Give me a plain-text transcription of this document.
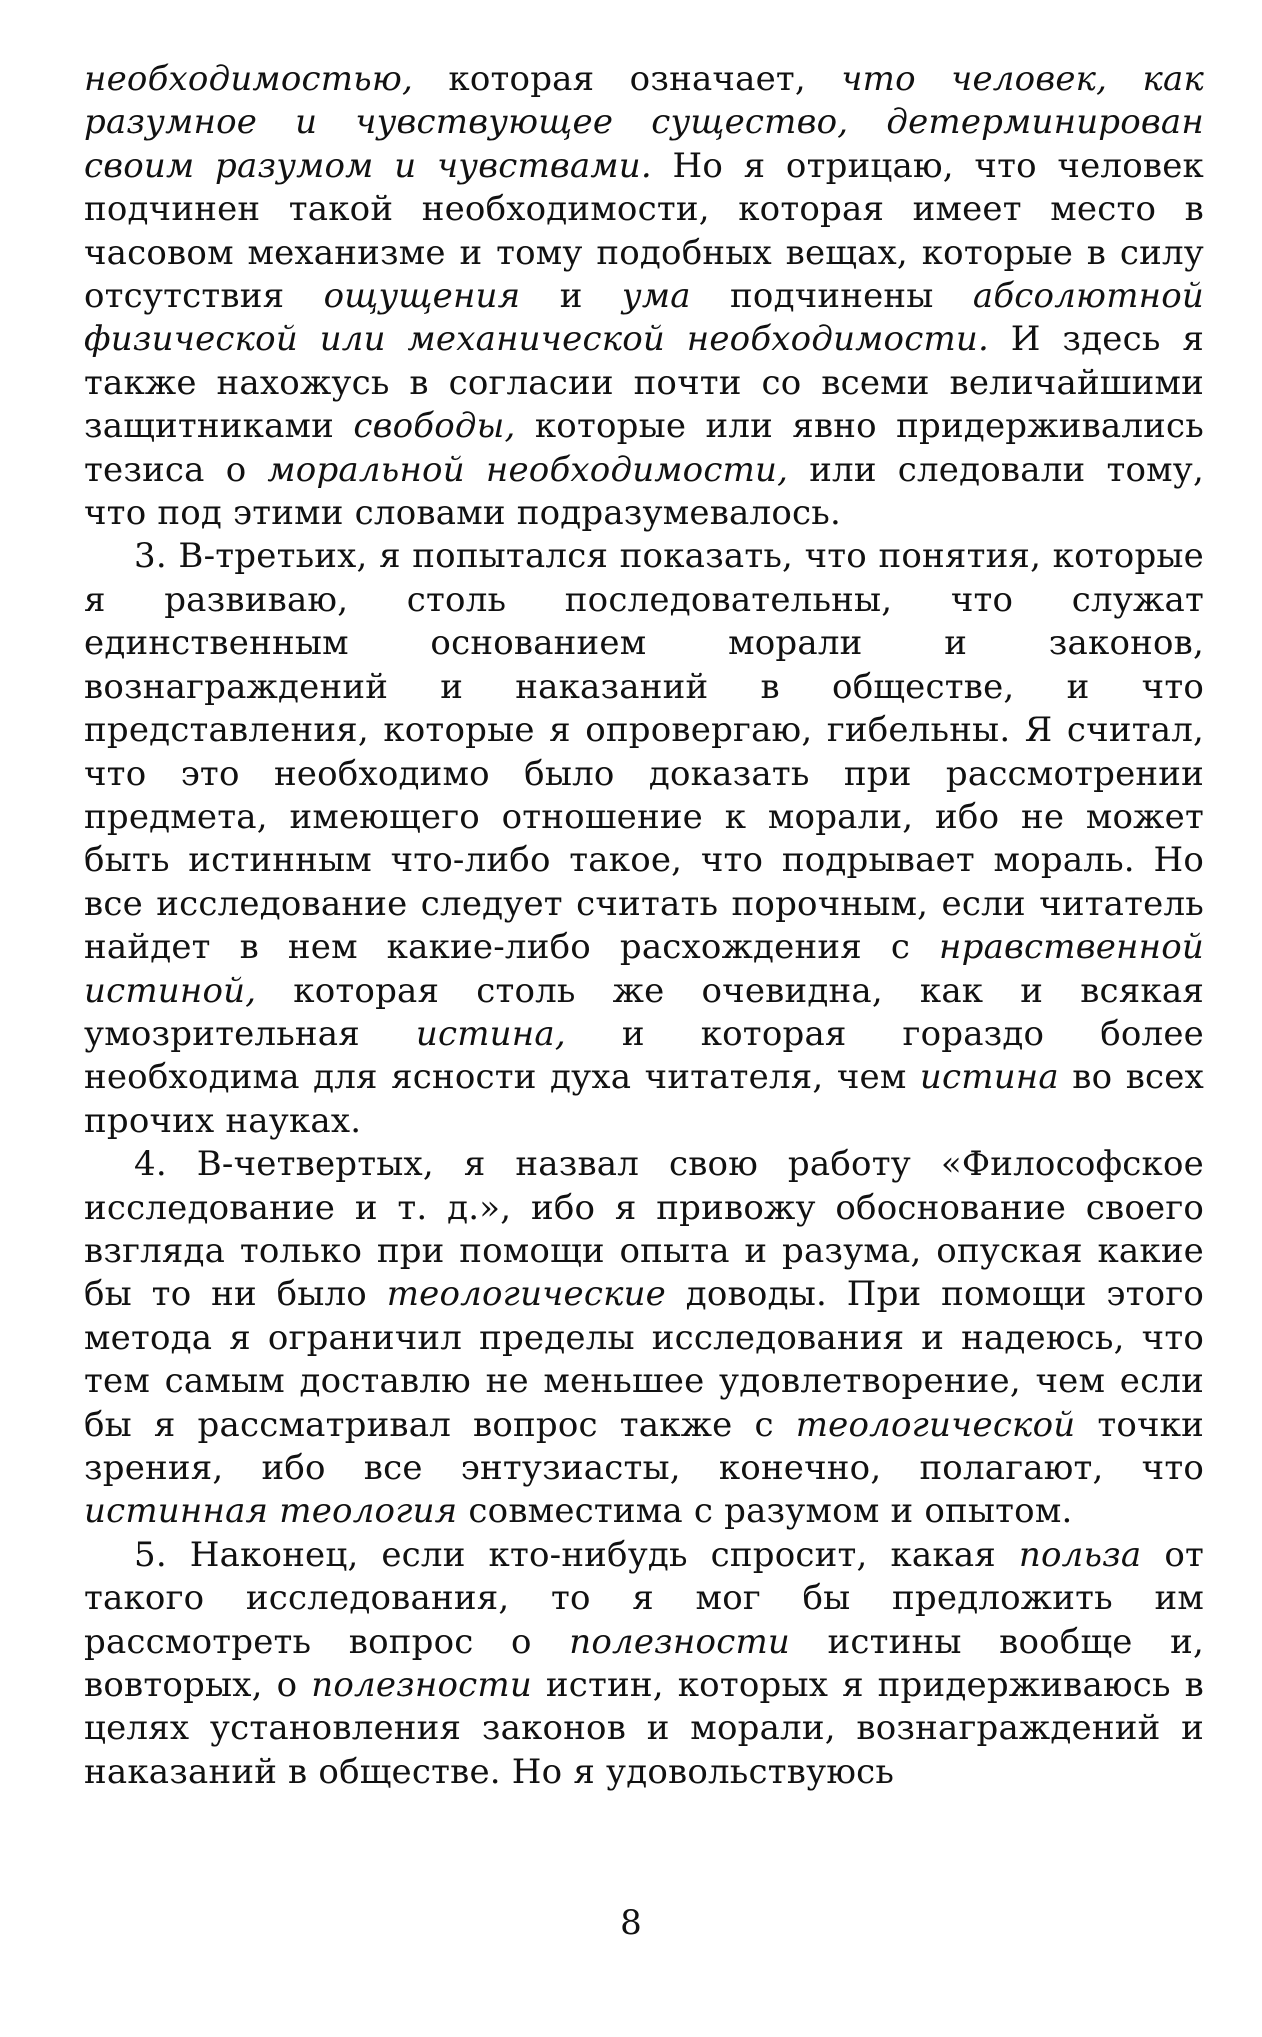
необходимостью, которая означает, что человек, как разумное и чувствующее существо, детерминирован своим разумом и чувствами. Но я отрицаю, что человек подчинен такой необходимости, которая имеет место в часовом механизме и тому подобных вещах, которые в силу отсутствия ощущения и ума подчинены абсолютной физической или механической необходимости. И здесь я также нахожусь в согласии почти со всеми величайшими защитниками свободы, которые или явно придерживались тезиса о моральной необходимости, или следовали тому, что под этими словами подразумевалось.

3. В-третьих, я попытался показать, что понятия, которые я развиваю, столь последовательны, что служат единственным основанием морали и законов, вознаграждений и наказаний в обществе, и что представления, которые я опровергаю, гибельны. Я считал, что это необходимо было доказать при рассмотрении предмета, имеющего отношение к морали, ибо не может быть истинным что-либо такое, что подрывает мораль. Но все исследование следует считать порочным, если читатель найдет в нем какие-либо расхождения с нравственной истиной, которая столь же очевидна, как и всякая умозрительная истина, и которая гораздо более необходима для ясности духа читателя, чем истина во всех прочих науках.

4. В-четвертых, я назвал свою работу «Философское исследование и т. д.», ибо я привожу обоснование своего взгляда только при помощи опыта и разума, опуская какие бы то ни было теологические доводы. При помощи этого метода я ограничил пределы исследования и надеюсь, что тем самым доставлю не меньшее удовлетворение, чем если бы я рассматривал вопрос также с теологической точки зрения, ибо все энтузиасты, конечно, полагают, что истинная теология совместима с разумом и опытом.

5. Наконец, если кто-нибудь спросит, какая польза от такого исследования, то я мог бы предложить им рассмотреть вопрос о полезности истины вообще и, вовторых, о полезности истин, которых я придерживаюсь в целях установления законов и морали, вознаграждений и наказаний в обществе. Но я удовольствуюсь

8
